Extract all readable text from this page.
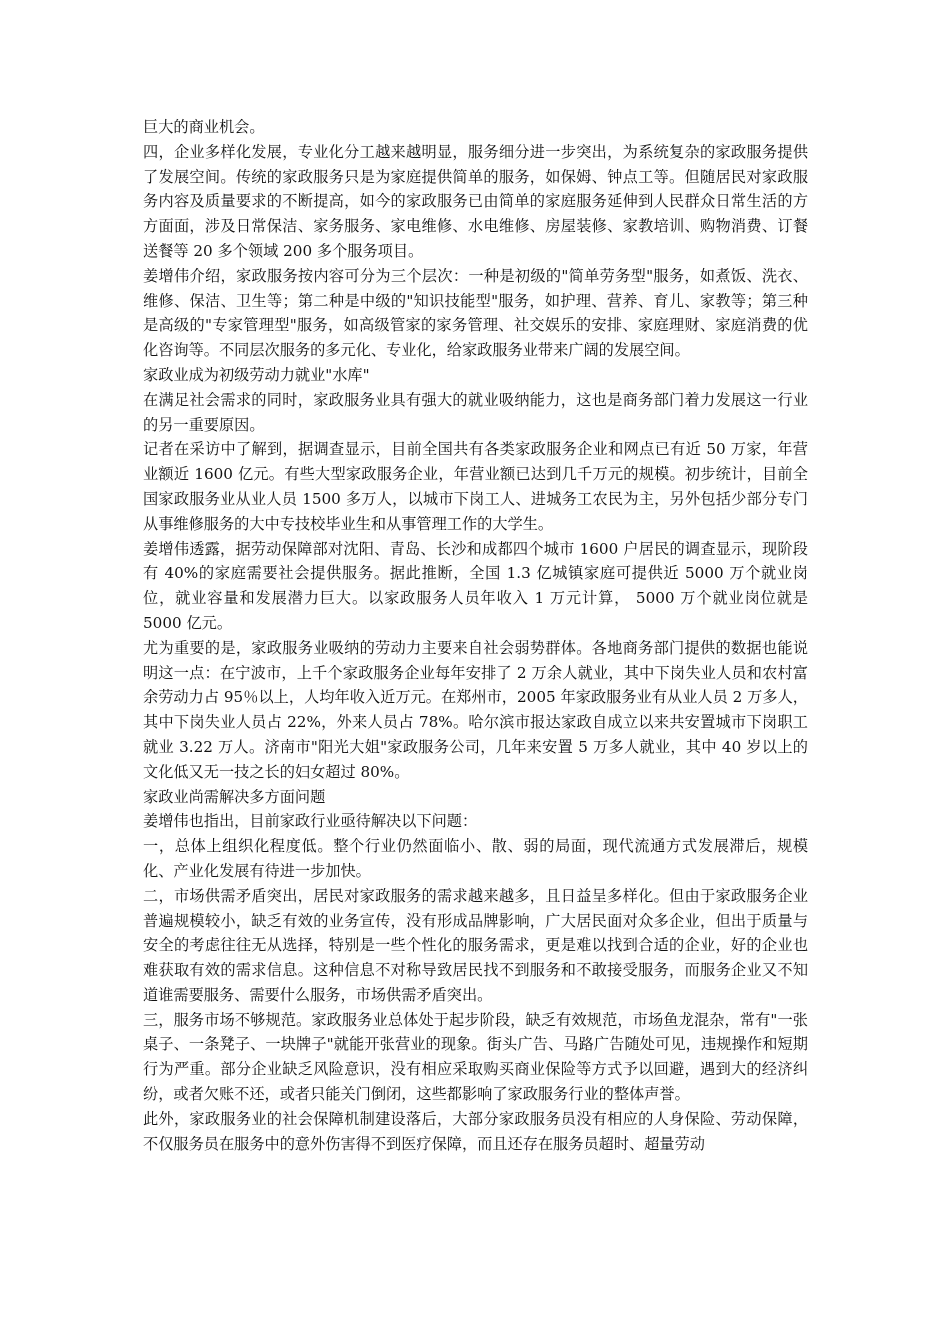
巨大的商业机会。

四，企业多样化发展，专业化分工越来越明显，服务细分进一步突出，为系统复杂的家政服务提供了发展空间。传统的家政服务只是为家庭提供简单的服务，如保姆、钟点工等。但随居民对家政服务内容及质量要求的不断提高，如今的家政服务已由简单的家庭服务延伸到人民群众日常生活的方方面面，涉及日常保洁、家务服务、家电维修、水电维修、房屋装修、家教培训、购物消费、订餐送餐等 20 多个领域 200 多个服务项目。

姜增伟介绍，家政服务按内容可分为三个层次：一种是初级的"简单劳务型"服务，如煮饭、洗衣、维修、保洁、卫生等；第二种是中级的"知识技能型"服务，如护理、营养、育儿、家教等；第三种是高级的"专家管理型"服务，如高级管家的家务管理、社交娱乐的安排、家庭理财、家庭消费的优化咨询等。不同层次服务的多元化、专业化，给家政服务业带来广阔的发展空间。

家政业成为初级劳动力就业"水库"

在满足社会需求的同时，家政服务业具有强大的就业吸纳能力，这也是商务部门着力发展这一行业的另一重要原因。

记者在采访中了解到，据调查显示，目前全国共有各类家政服务企业和网点已有近 50 万家，年营业额近 1600 亿元。有些大型家政服务企业，年营业额已达到几千万元的规模。初步统计，目前全国家政服务业从业人员 1500 多万人，以城市下岗工人、进城务工农民为主，另外包括少部分专门从事维修服务的大中专技校毕业生和从事管理工作的大学生。

姜增伟透露，据劳动保障部对沈阳、青岛、长沙和成都四个城市 1600 户居民的调查显示，现阶段有 40%的家庭需要社会提供服务。据此推断，全国 1.3 亿城镇家庭可提供近 5000 万个就业岗位，就业容量和发展潜力巨大。以家政服务人员年收入 1 万元计算， 5000 万个就业岗位就是 5000 亿元。

尤为重要的是，家政服务业吸纳的劳动力主要来自社会弱势群体。各地商务部门提供的数据也能说明这一点：在宁波市，上千个家政服务企业每年安排了 2 万余人就业，其中下岗失业人员和农村富余劳动力占 95％以上，人均年收入近万元。在郑州市，2005 年家政服务业有从业人员 2 万多人，其中下岗失业人员占 22%，外来人员占 78%。哈尔滨市报达家政自成立以来共安置城市下岗职工就业 3.22 万人。济南市"阳光大姐"家政服务公司，几年来安置 5 万多人就业，其中 40 岁以上的文化低又无一技之长的妇女超过 80%。

家政业尚需解决多方面问题

姜增伟也指出，目前家政行业亟待解决以下问题：

一，总体上组织化程度低。整个行业仍然面临小、散、弱的局面，现代流通方式发展滞后，规模化、产业化发展有待进一步加快。

二，市场供需矛盾突出，居民对家政服务的需求越来越多，且日益呈多样化。但由于家政服务企业普遍规模较小，缺乏有效的业务宣传，没有形成品牌影响，广大居民面对众多企业，但出于质量与安全的考虑往往无从选择，特别是一些个性化的服务需求，更是难以找到合适的企业，好的企业也难获取有效的需求信息。这种信息不对称导致居民找不到服务和不敢接受服务，而服务企业又不知道谁需要服务、需要什么服务，市场供需矛盾突出。

三，服务市场不够规范。家政服务业总体处于起步阶段，缺乏有效规范，市场鱼龙混杂，常有"一张桌子、一条凳子、一块牌子"就能开张营业的现象。街头广告、马路广告随处可见，违规操作和短期行为严重。部分企业缺乏风险意识，没有相应采取购买商业保险等方式予以回避，遇到大的经济纠纷，或者欠账不还，或者只能关门倒闭，这些都影响了家政服务行业的整体声誉。

此外，家政服务业的社会保障机制建设落后，大部分家政服务员没有相应的人身保险、劳动保障，不仅服务员在服务中的意外伤害得不到医疗保障，而且还存在服务员超时、超量劳动
